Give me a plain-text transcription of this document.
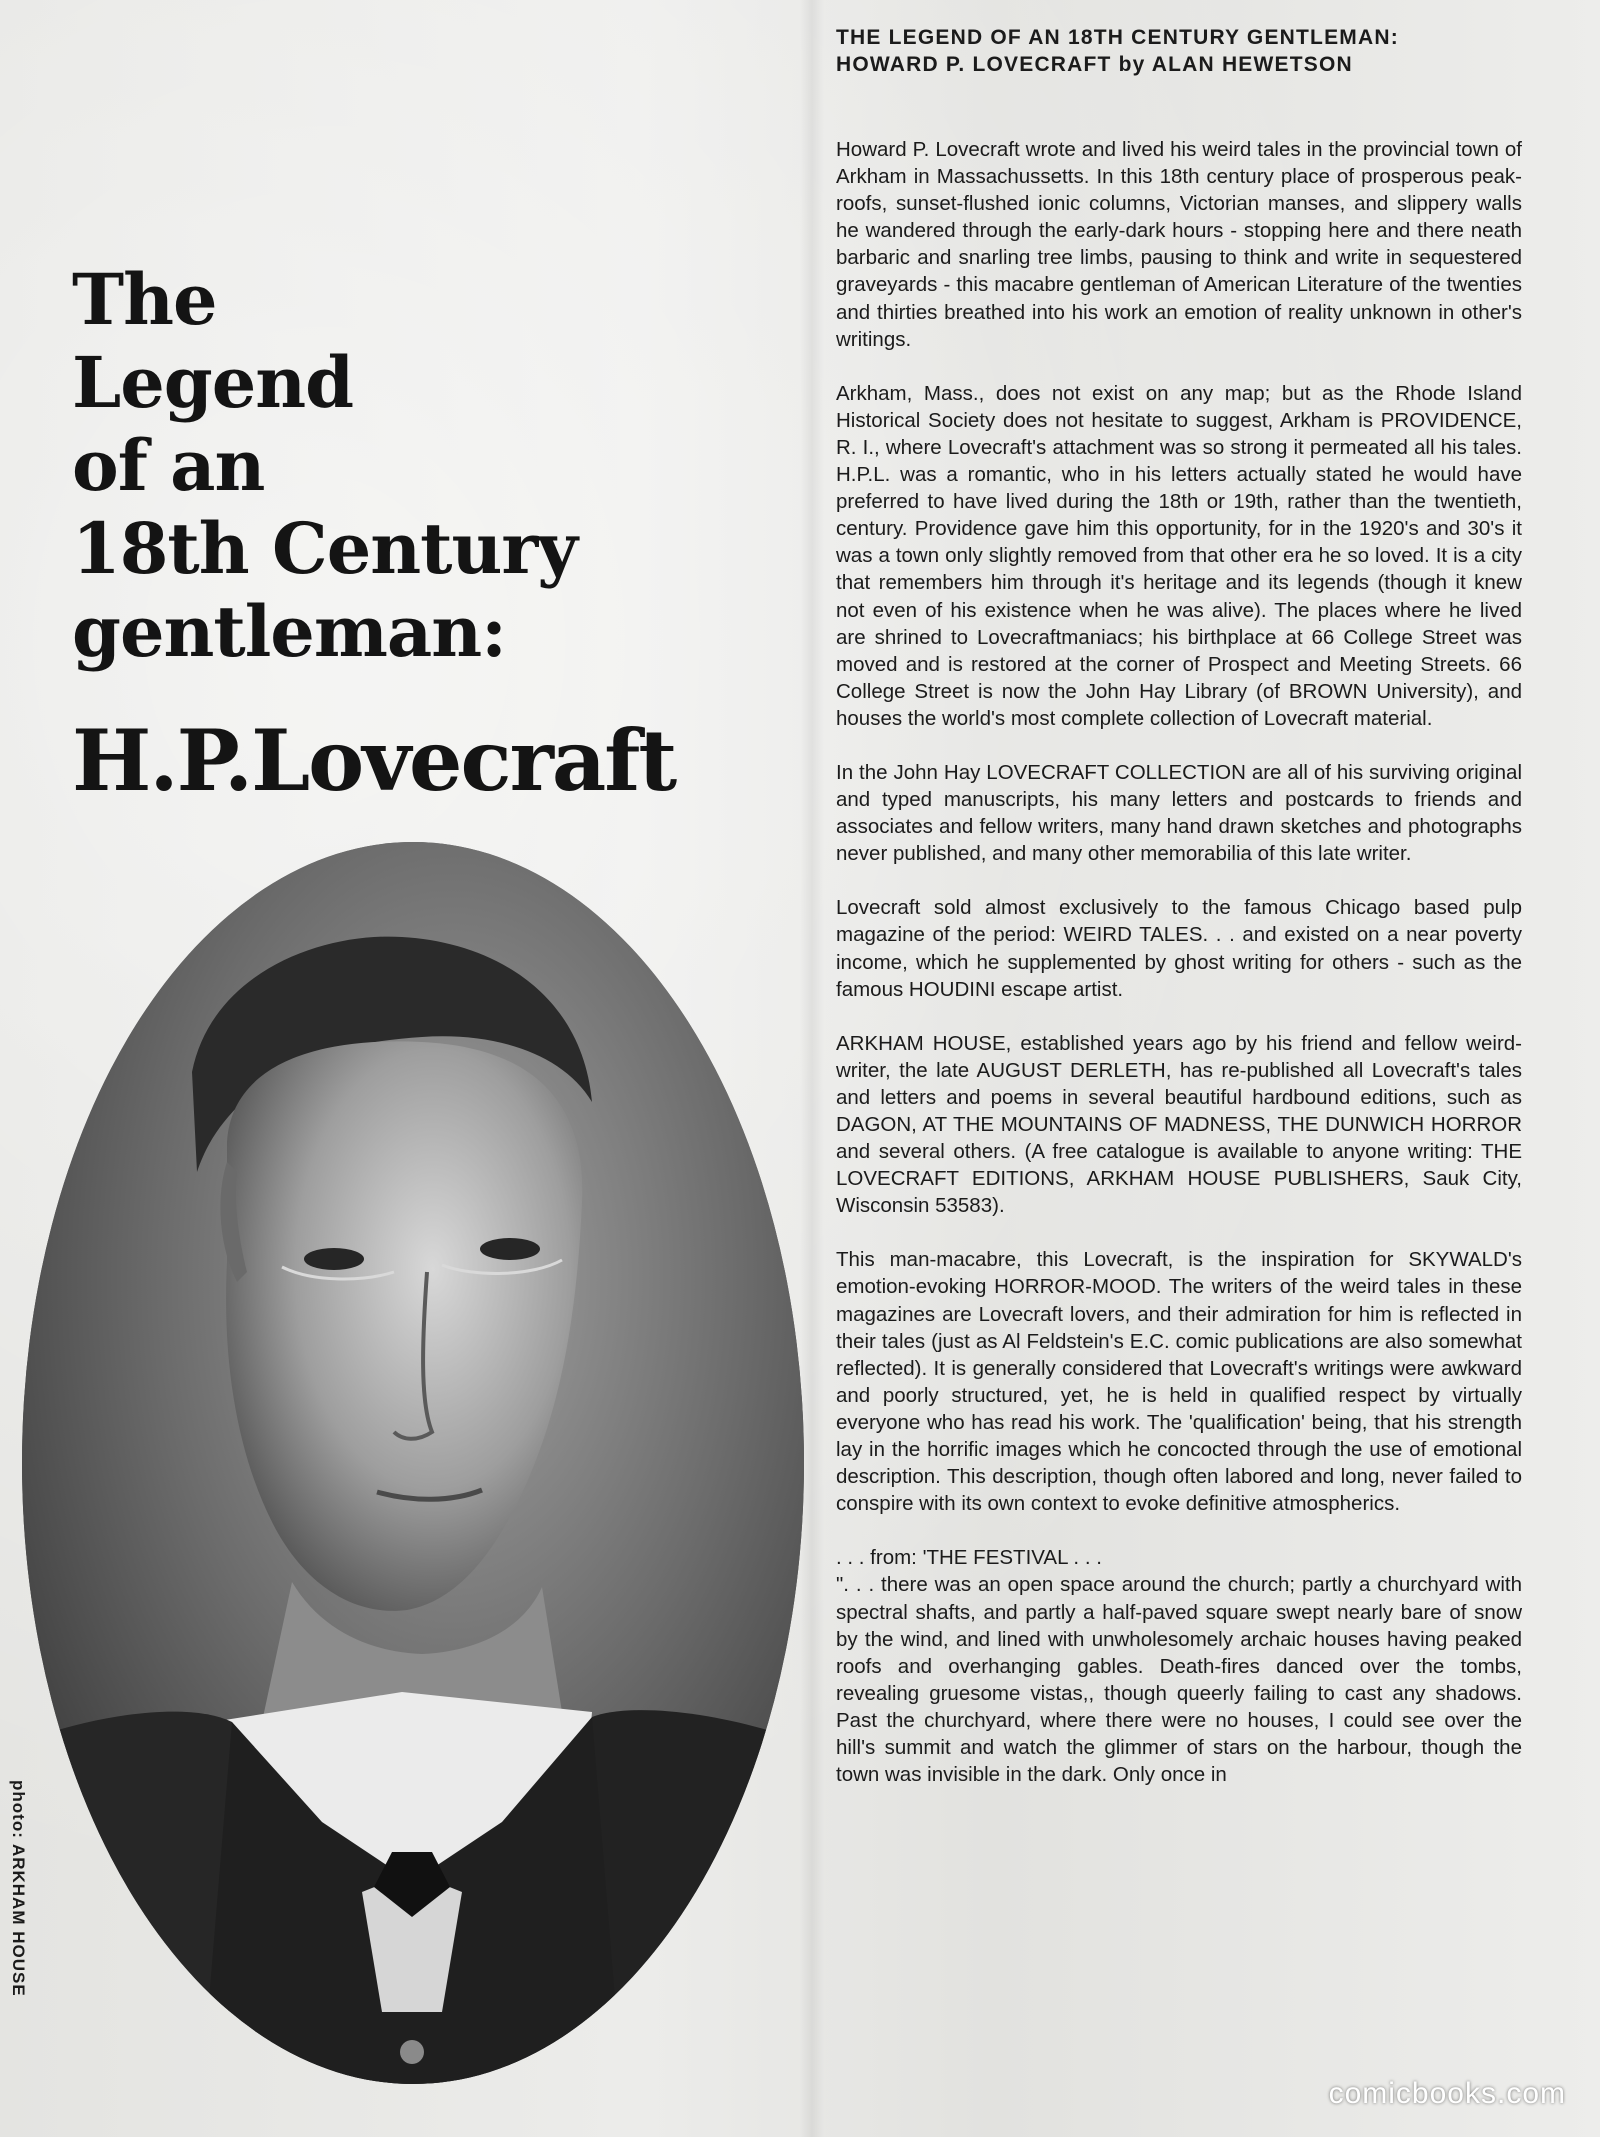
The
Legend
of an
18th Century
gentleman:
H.P.Lovecraft

photo: ARKHAM HOUSE

THE LEGEND OF AN 18TH CENTURY GENTLEMAN:
HOWARD P. LOVECRAFT by ALAN HEWETSON

Howard P. Lovecraft wrote and lived his weird tales in the provincial town of Arkham in Massachussetts. In this 18th century place of prosperous peak-roofs, sunset-flushed ionic columns, Victorian manses, and slippery walls he wandered through the early-dark hours - stopping here and there neath barbaric and snarling tree limbs, pausing to think and write in sequestered graveyards - this macabre gentleman of American Literature of the twenties and thirties breathed into his work an emotion of reality unknown in other's writings.

Arkham, Mass., does not exist on any map; but as the Rhode Island Historical Society does not hesitate to suggest, Arkham is PROVIDENCE, R. I., where Lovecraft's attachment was so strong it permeated all his tales. H.P.L. was a romantic, who in his letters actually stated he would have preferred to have lived during the 18th or 19th, rather than the twentieth, century. Providence gave him this opportunity, for in the 1920's and 30's it was a town only slightly removed from that other era he so loved. It is a city that remembers him through it's heritage and its legends (though it knew not even of his existence when he was alive). The places where he lived are shrined to Lovecraftmaniacs; his birthplace at 66 College Street was moved and is restored at the corner of Prospect and Meeting Streets. 66 College Street is now the John Hay Library (of BROWN University), and houses the world's most complete collection of Lovecraft material.

In the John Hay LOVECRAFT COLLECTION are all of his surviving original and typed manuscripts, his many letters and postcards to friends and associates and fellow writers, many hand drawn sketches and photographs never published, and many other memorabilia of this late writer.

Lovecraft sold almost exclusively to the famous Chicago based pulp magazine of the period: WEIRD TALES. . . and existed on a near poverty income, which he supplemented by ghost writing for others - such as the famous HOUDINI escape artist.

ARKHAM HOUSE, established years ago by his friend and fellow weird-writer, the late AUGUST DERLETH, has re-published all Lovecraft's tales and letters and poems in several beautiful hardbound editions, such as DAGON, AT THE MOUNTAINS OF MADNESS, THE DUNWICH HORROR and several others. (A free catalogue is available to anyone writing: THE LOVECRAFT EDITIONS, ARKHAM HOUSE PUBLISHERS, Sauk City, Wisconsin 53583).

This man-macabre, this Lovecraft, is the inspiration for SKYWALD's emotion-evoking HORROR-MOOD. The writers of the weird tales in these magazines are Lovecraft lovers, and their admiration for him is reflected in their tales (just as Al Feldstein's E.C. comic publications are also somewhat reflected). It is generally considered that Lovecraft's writings were awkward and poorly structured, yet, he is held in qualified respect by virtually everyone who has read his work. The 'qualification' being, that his strength lay in the horrific images which he concocted through the use of emotional description. This description, though often labored and long, never failed to conspire with its own context to evoke definitive atmospherics.

. . . from: 'THE FESTIVAL . . .

". . . there was an open space around the church; partly a churchyard with spectral shafts, and partly a half-paved square swept nearly bare of snow by the wind, and lined with unwholesomely archaic houses having peaked roofs and overhanging gables. Death-fires danced over the tombs, revealing gruesome vistas,, though queerly failing to cast any shadows. Past the churchyard, where there were no houses, I could see over the hill's summit and watch the glimmer of stars on the harbour, though the town was invisible in the dark. Only once in

comicbooks.com
